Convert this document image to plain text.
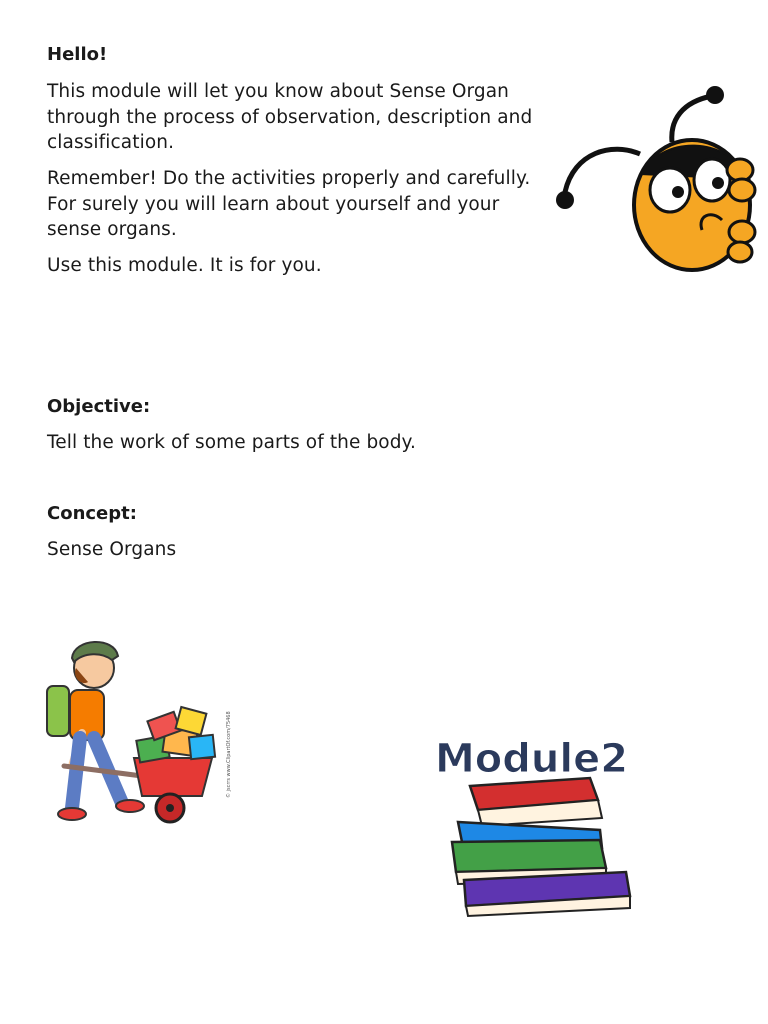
Hello!

This module will let you know about Sense Organ through the process of observation, description and classification.

Remember! Do the activities properly and carefully. For surely you will learn about yourself and your sense organs.

Use this module. It is for you.

Objective:

Tell the work of some parts of the body.

Concept:

Sense Organs

© jscrrs www.ClipartOf.com/75468	Module2
